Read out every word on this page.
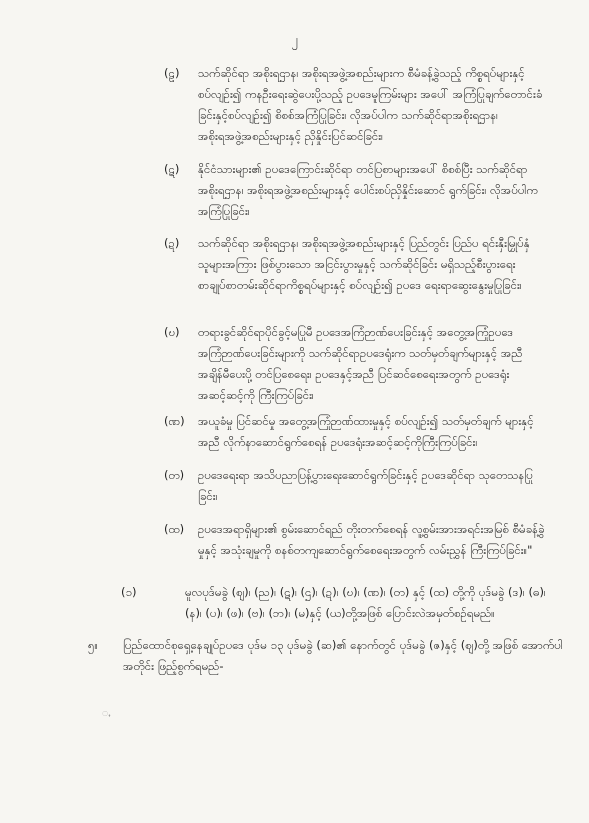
၂
(ဠ) သက်ဆိုင်ရာ အစိုးရဌာန၊ အစိုးရအဖွဲ့အစည်းများက စီမံခန့်ခွဲသည့် ကိစ္စရပ်များနှင့်စပ်လျဉ်း၍ ကနဦးရေးဆွဲပေးပို့သည့် ဥပဒေမူကြမ်းများ အပေါ် အကြံပြုချက်တောင်းခံခြင်းနှင့်စပ်လျဉ်း၍ စိစစ်အကြံပြုခြင်း၊ လိုအပ်ပါက သက်ဆိုင်ရာအစိုးရဌာန၊ အစိုးရအဖွဲ့အစည်းများနှင့် ညှိနှိုင်းပြင်ဆင်ခြင်း၊
(ဋ) နိုင်ငံသားများ၏ ဥပဒေကြောင်းဆိုင်ရာ တင်ပြစာများအပေါ် စိစစ်ပြီး သက်ဆိုင်ရာအစိုးရဌာန၊ အစိုးရအဖွဲ့အစည်းများနှင့် ပေါင်းစပ်ညှိနှိုင်းဆောင် ရွက်ခြင်း၊ လိုအပ်ပါက အကြံပြုခြင်း၊
(ဍ) သက်ဆိုင်ရာ အစိုးရဌာန၊ အစိုးရအဖွဲ့အစည်းများနှင့် ပြည်တွင်း ပြည်ပ ရင်းနှီးမြှုပ်နှံသူများအကြား ဖြစ်ပွားသော အငြင်းပွားမှုနှင့် သက်ဆိုင်ခြင်း မရှိသည့်စီးပွားရေးစာချုပ်စာတမ်းဆိုင်ရာကိစ္စရပ်များနှင့် စပ်လျဉ်း၍ ဥပဒေ ရေးရာဆွေးနွေးမှုပြုခြင်း၊
(ဎ) တရားခွင်ဆိုင်ရာပိုင်ခွင့်မပြုမီ ဥပဒေအကြံဉာဏ်ပေးခြင်းနှင့် အတွေ့အကြုံဥပဒေ အကြံဉာဏ်ပေးခြင်းများကို သက်ဆိုင်ရာဥပဒေရုံးက သတ်မှတ်ချက်များနှင့် အညီ အချိန်မီပေးပို့ တင်ပြစေရေး၊ ဥပဒေနှင့်အညီ ပြင်ဆင်စေရေးအတွက် ဥပဒေရုံးအဆင့်ဆင့်ကို ကြီးကြပ်ခြင်း၊
(ဏ) အယူခံမှု ပြင်ဆင်မှု အတွေ့အကြုံဉာဏ်ထားမှုနှင့် စပ်လျဉ်း၍ သတ်မှတ်ချက် များနှင့်အညီ လိုက်နာဆောင်ရွက်စေရန် ဥပဒေရုံးအဆင့်ဆင့်ကိုကြီးကြပ်ခြင်း၊
(တ) ဥပဒေရေးရာ အသိပညာပြန့်ပွားရေးဆောင်ရွက်ခြင်းနှင့် ဥပဒေဆိုင်ရာ သုတေသနပြုခြင်း၊
(ထ) ဥပဒေအရာရှိများ၏ စွမ်းဆောင်ရည် တိုးတက်စေရန် လူ့စွမ်းအားအရင်းအမြစ် စီမံခန့်ခွဲမှုနှင့် အသုံးချမှုကို စနစ်တကျဆောင်ရွက်စေရေးအတွက် လမ်းညွှန် ကြီးကြပ်ခြင်း။"
(၁)	မူလပုဒ်မခွဲ (ဈ)၊ (ည)၊ (ဋ)၊ (ဌ)၊ (ဍ)၊ (ဎ)၊ (ဏ)၊ (တ) နှင့် (ထ) တို့ကို ပုဒ်မခွဲ (ဒ)၊ (ဓ)၊ (န)၊ (ပ)၊ (ဖ)၊ (ဗ)၊ (ဘ)၊ (မ)နှင့် (ယ)တို့အဖြစ် ပြောင်းလဲအမှတ်စဉ်ရမည်။
၅။ ပြည်ထောင်စုရှေ့နေချုပ်ဥပဒေ ပုဒ်မ ၁၃ ပုဒ်မခွဲ (ဆ)၏ နောက်တွင် ပုဒ်မခွဲ (ဇ)နှင့် (ဈ)တို့ အဖြစ် အောက်ပါအတိုင်း ဖြည့်စွက်ရမည်-
ꩻ
